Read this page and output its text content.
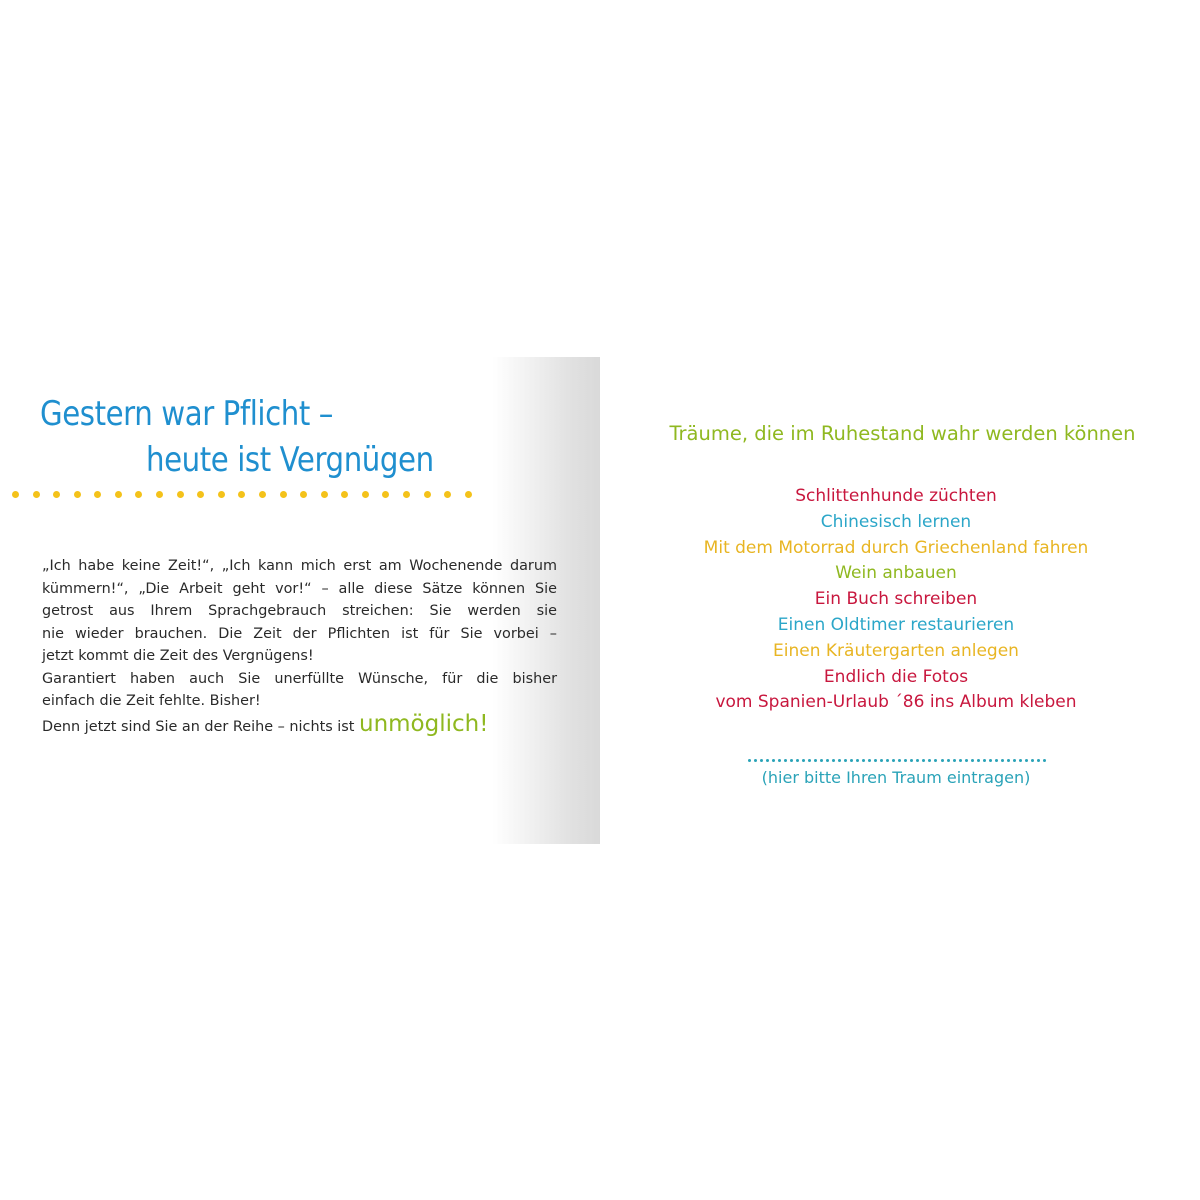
Gestern war Pflicht –
heute ist Vergnügen
„Ich habe keine Zeit!“, „Ich kann mich erst am Wochenende darum
kümmern!“, „Die Arbeit geht vor!“ – alle diese Sätze können Sie
getrost aus Ihrem Sprachgebrauch streichen: Sie werden sie
nie wieder brauchen. Die Zeit der Pflichten ist für Sie vorbei –
jetzt kommt die Zeit des Vergnügens!
Garantiert haben auch Sie unerfüllte Wünsche, für die bisher
einfach die Zeit fehlte. Bisher!
Denn jetzt sind Sie an der Reihe – nichts ist unmöglich!
Träume, die im Ruhestand wahr werden können
Schlittenhunde züchten
Chinesisch lernen
Mit dem Motorrad durch Griechenland fahren
Wein anbauen
Ein Buch schreiben
Einen Oldtimer restaurieren
Einen Kräutergarten anlegen
Endlich die Fotos
vom Spanien-Urlaub ´86 ins Album kleben
(hier bitte Ihren Traum eintragen)
